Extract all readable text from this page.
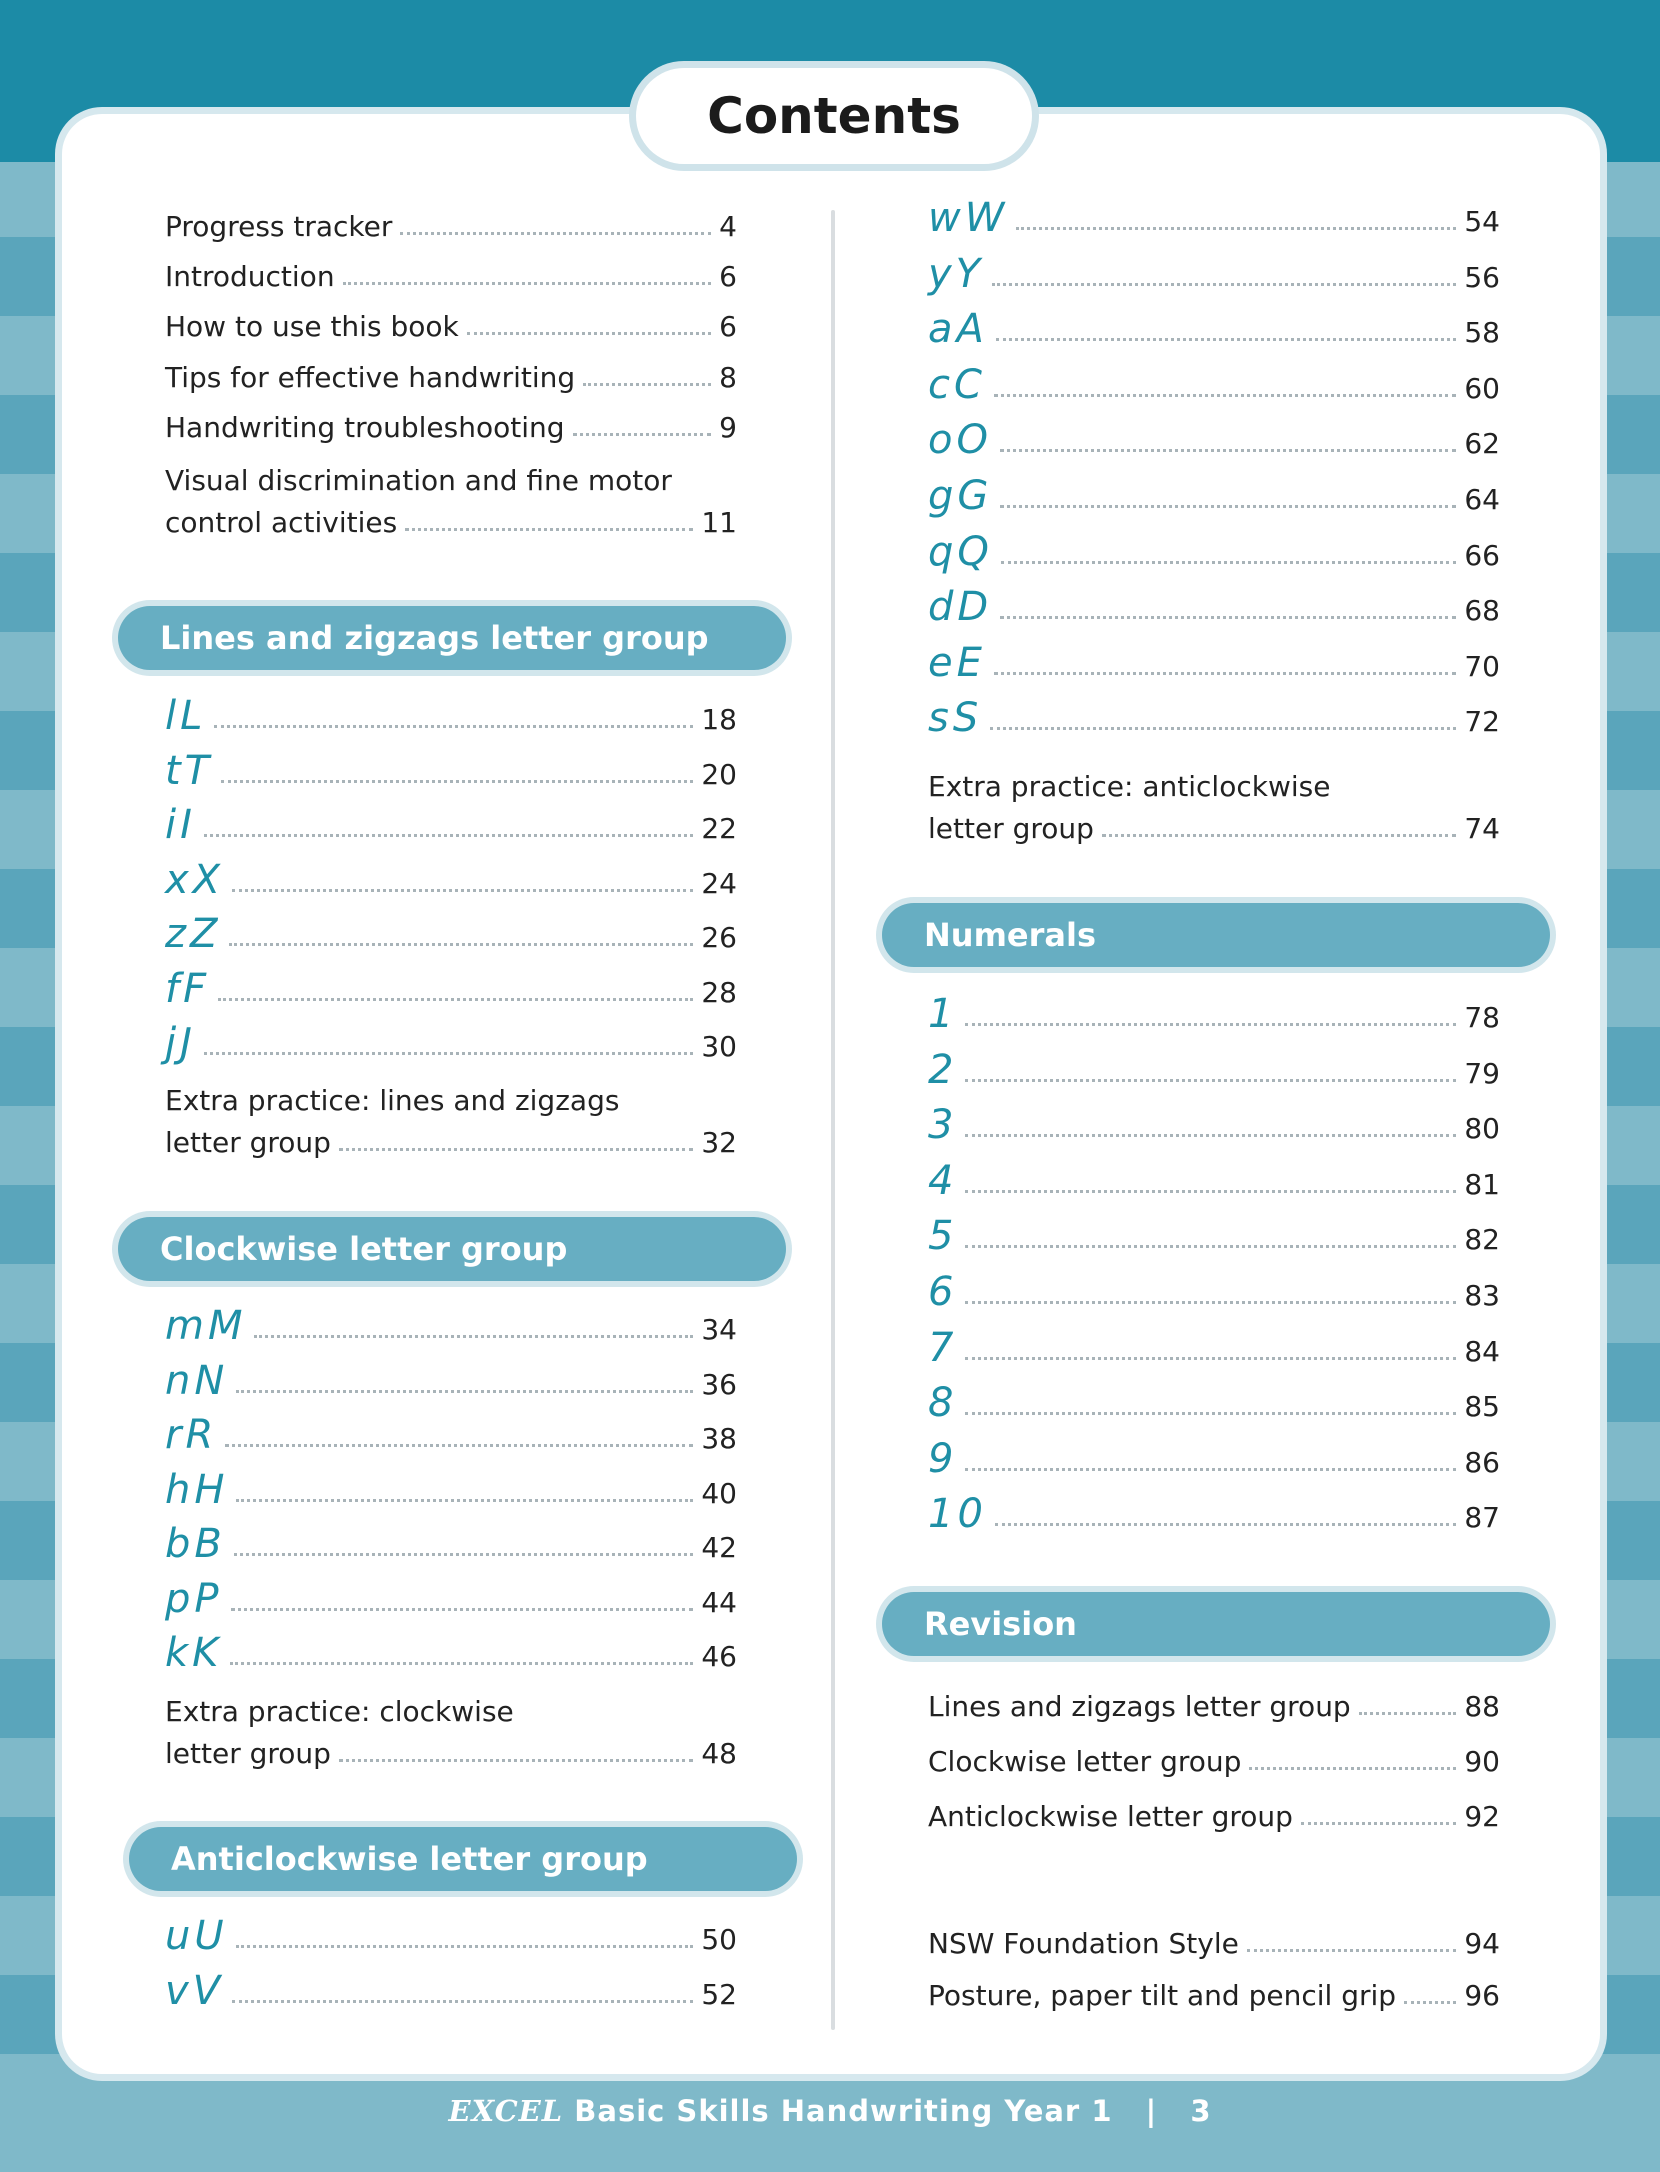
Contents
Progress tracker	4
Introduction	6
How to use this book	6
Tips for effective handwriting	8
Handwriting troubleshooting	9
Visual discrimination and fine motor
control activities	11
Lines and zigzags letter group
lL	18
tT	20
iI	22
xX	24
zZ	26
fF	28
jJ	30
Extra practice: lines and zigzags
letter group	32
Clockwise letter group
mM	34
nN	36
rR	38
hH	40
bB	42
pP	44
kK	46
Extra practice: clockwise
letter group	48
Anticlockwise letter group
uU	50
vV	52
wW	54
yY	56
aA	58
cC	60
oO	62
gG	64
qQ	66
dD	68
eE	70
sS	72
Extra practice: anticlockwise
letter group	74
Numerals
1	78
2	79
3	80
4	81
5	82
6	83
7	84
8	85
9	86
10	87
Revision
Lines and zigzags letter group	88
Clockwise letter group	90
Anticlockwise letter group	92
NSW Foundation Style	94
Posture, paper tilt and pencil grip 96
EXCEL Basic Skills Handwriting Year 1 | 3
